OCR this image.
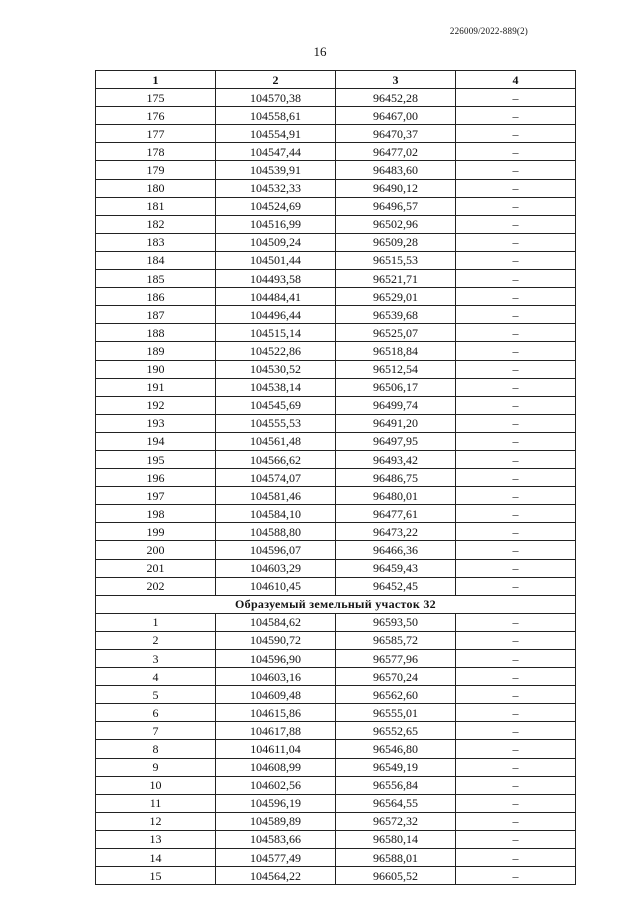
226009/2022-889(2)
16
1	2	3	4
175	104570,38	96452,28	–
176	104558,61	96467,00	–
177	104554,91	96470,37	–
178	104547,44	96477,02	–
179	104539,91	96483,60	–
180	104532,33	96490,12	–
181	104524,69	96496,57	–
182	104516,99	96502,96	–
183	104509,24	96509,28	–
184	104501,44	96515,53	–
185	104493,58	96521,71	–
186	104484,41	96529,01	–
187	104496,44	96539,68	–
188	104515,14	96525,07	–
189	104522,86	96518,84	–
190	104530,52	96512,54	–
191	104538,14	96506,17	–
192	104545,69	96499,74	–
193	104555,53	96491,20	–
194	104561,48	96497,95	–
195	104566,62	96493,42	–
196	104574,07	96486,75	–
197	104581,46	96480,01	–
198	104584,10	96477,61	–
199	104588,80	96473,22	–
200	104596,07	96466,36	–
201	104603,29	96459,43	–
202	104610,45	96452,45	–
Образуемый земельный участок 32			
1	104584,62	96593,50	–
2	104590,72	96585,72	–
3	104596,90	96577,96	–
4	104603,16	96570,24	–
5	104609,48	96562,60	–
6	104615,86	96555,01	–
7	104617,88	96552,65	–
8	104611,04	96546,80	–
9	104608,99	96549,19	–
10	104602,56	96556,84	–
11	104596,19	96564,55	–
12	104589,89	96572,32	–
13	104583,66	96580,14	–
14	104577,49	96588,01	–
15	104564,22	96605,52	–
